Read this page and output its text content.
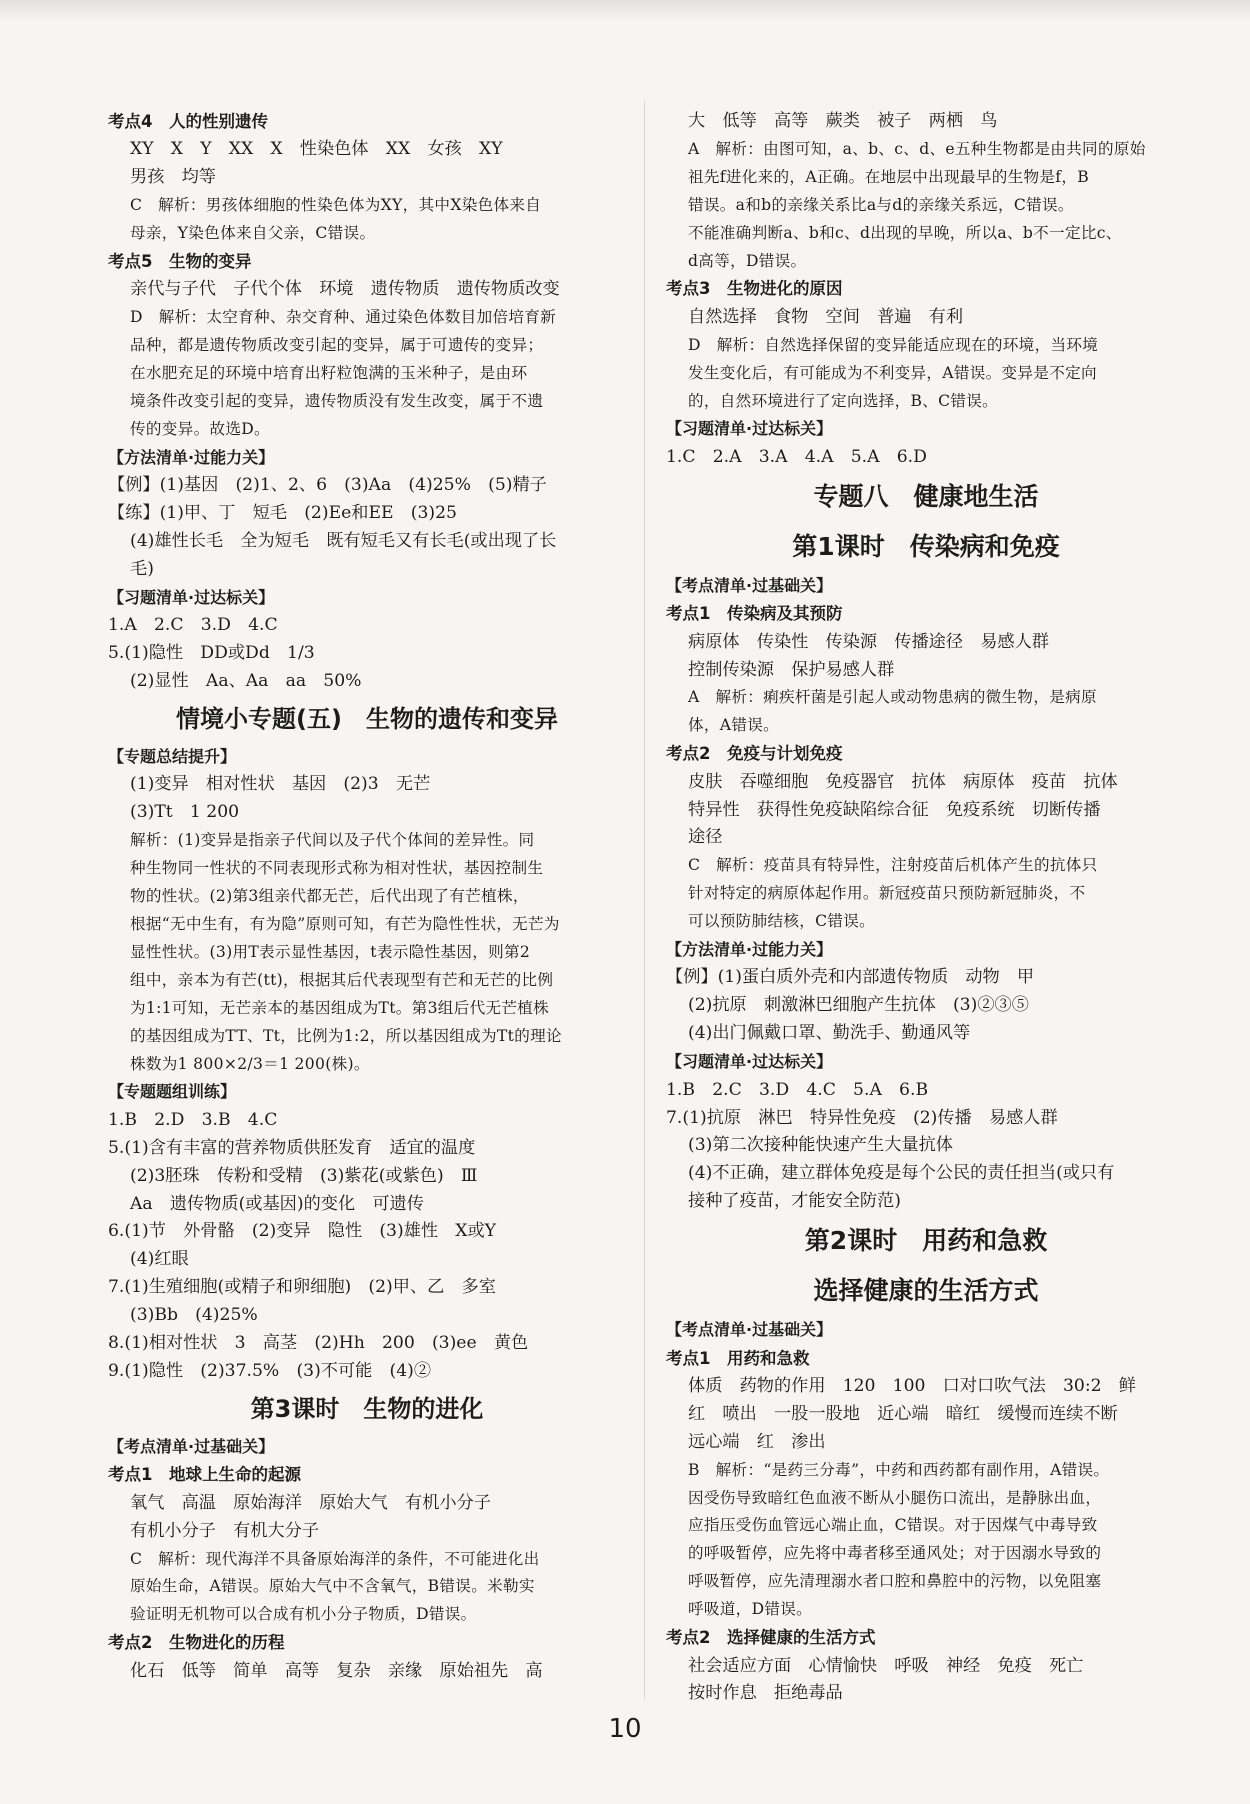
考点4　人的性别遗传
XY　X　Y　XX　X　性染色体　XX　女孩　XY
男孩　均等
C　解析：男孩体细胞的性染色体为XY，其中X染色体来自
母亲，Y染色体来自父亲，C错误。
考点5　生物的变异
亲代与子代　子代个体　环境　遗传物质　遗传物质改变
D　解析：太空育种、杂交育种、通过染色体数目加倍培育新
品种，都是遗传物质改变引起的变异，属于可遗传的变异；
在水肥充足的环境中培育出籽粒饱满的玉米种子，是由环
境条件改变引起的变异，遗传物质没有发生改变，属于不遗
传的变异。故选D。
【方法清单·过能力关】
【例】(1)基因　(2)1、2、6　(3)Aa　(4)25%　(5)精子
【练】(1)甲、丁　短毛　(2)Ee和EE　(3)25
(4)雄性长毛　全为短毛　既有短毛又有长毛(或出现了长
毛)
【习题清单·过达标关】
1.A　2.C　3.D　4.C
5.(1)隐性　DD或Dd　1/3
(2)显性　Aa、Aa　aa　50%
情境小专题(五)　生物的遗传和变异
【专题总结提升】
(1)变异　相对性状　基因　(2)3　无芒
(3)Tt　1 200
解析：(1)变异是指亲子代间以及子代个体间的差异性。同
种生物同一性状的不同表现形式称为相对性状，基因控制生
物的性状。(2)第3组亲代都无芒，后代出现了有芒植株，
根据“无中生有，有为隐”原则可知，有芒为隐性性状，无芒为
显性性状。(3)用T表示显性基因，t表示隐性基因，则第2
组中，亲本为有芒(tt)，根据其后代表现型有芒和无芒的比例
为1:1可知，无芒亲本的基因组成为Tt。第3组后代无芒植株
的基因组成为TT、Tt，比例为1:2，所以基因组成为Tt的理论
株数为1 800×2/3＝1 200(株)。
【专题题组训练】
1.B　2.D　3.B　4.C
5.(1)含有丰富的营养物质供胚发育　适宜的温度
(2)3胚珠　传粉和受精　(3)紫花(或紫色)　Ⅲ
Aa　遗传物质(或基因)的变化　可遗传
6.(1)节　外骨骼　(2)变异　隐性　(3)雄性　X或Y
(4)红眼
7.(1)生殖细胞(或精子和卵细胞)　(2)甲、乙　多室
(3)Bb　(4)25%
8.(1)相对性状　3　高茎　(2)Hh　200　(3)ee　黄色
9.(1)隐性　(2)37.5%　(3)不可能　(4)②
第3课时　生物的进化
【考点清单·过基础关】
考点1　地球上生命的起源
氧气　高温　原始海洋　原始大气　有机小分子
有机小分子　有机大分子
C　解析：现代海洋不具备原始海洋的条件，不可能进化出
原始生命，A错误。原始大气中不含氧气，B错误。米勒实
验证明无机物可以合成有机小分子物质，D错误。
考点2　生物进化的历程
化石　低等　简单　高等　复杂　亲缘　原始祖先　高
大　低等　高等　蕨类　被子　两栖　鸟
A　解析：由图可知，a、b、c、d、e五种生物都是由共同的原始
祖先f进化来的，A正确。在地层中出现最早的生物是f，B
错误。a和b的亲缘关系比a与d的亲缘关系远，C错误。
不能准确判断a、b和c、d出现的早晚，所以a、b不一定比c、
d高等，D错误。
考点3　生物进化的原因
自然选择　食物　空间　普遍　有利
D　解析：自然选择保留的变异能适应现在的环境，当环境
发生变化后，有可能成为不利变异，A错误。变异是不定向
的，自然环境进行了定向选择，B、C错误。
【习题清单·过达标关】
1.C　2.A　3.A　4.A　5.A　6.D
专题八　健康地生活
第1课时　传染病和免疫
【考点清单·过基础关】
考点1　传染病及其预防
病原体　传染性　传染源　传播途径　易感人群
控制传染源　保护易感人群
A　解析：痢疾杆菌是引起人或动物患病的微生物，是病原
体，A错误。
考点2　免疫与计划免疫
皮肤　吞噬细胞　免疫器官　抗体　病原体　疫苗　抗体
特异性　获得性免疫缺陷综合征　免疫系统　切断传播
途径
C　解析：疫苗具有特异性，注射疫苗后机体产生的抗体只
针对特定的病原体起作用。新冠疫苗只预防新冠肺炎，不
可以预防肺结核，C错误。
【方法清单·过能力关】
【例】(1)蛋白质外壳和内部遗传物质　动物　甲
(2)抗原　刺激淋巴细胞产生抗体　(3)②③⑤
(4)出门佩戴口罩、勤洗手、勤通风等
【习题清单·过达标关】
1.B　2.C　3.D　4.C　5.A　6.B
7.(1)抗原　淋巴　特异性免疫　(2)传播　易感人群
(3)第二次接种能快速产生大量抗体
(4)不正确，建立群体免疫是每个公民的责任担当(或只有
接种了疫苗，才能安全防范)
第2课时　用药和急救
选择健康的生活方式
【考点清单·过基础关】
考点1　用药和急救
体质　药物的作用　120　100　口对口吹气法　30:2　鲜
红　喷出　一股一股地　近心端　暗红　缓慢而连续不断
远心端　红　渗出
B　解析：“是药三分毒”，中药和西药都有副作用，A错误。
因受伤导致暗红色血液不断从小腿伤口流出，是静脉出血，
应指压受伤血管远心端止血，C错误。对于因煤气中毒导致
的呼吸暂停，应先将中毒者移至通风处；对于因溺水导致的
呼吸暂停，应先清理溺水者口腔和鼻腔中的污物，以免阻塞
呼吸道，D错误。
考点2　选择健康的生活方式
社会适应方面　心情愉快　呼吸　神经　免疫　死亡
按时作息　拒绝毒品
10
